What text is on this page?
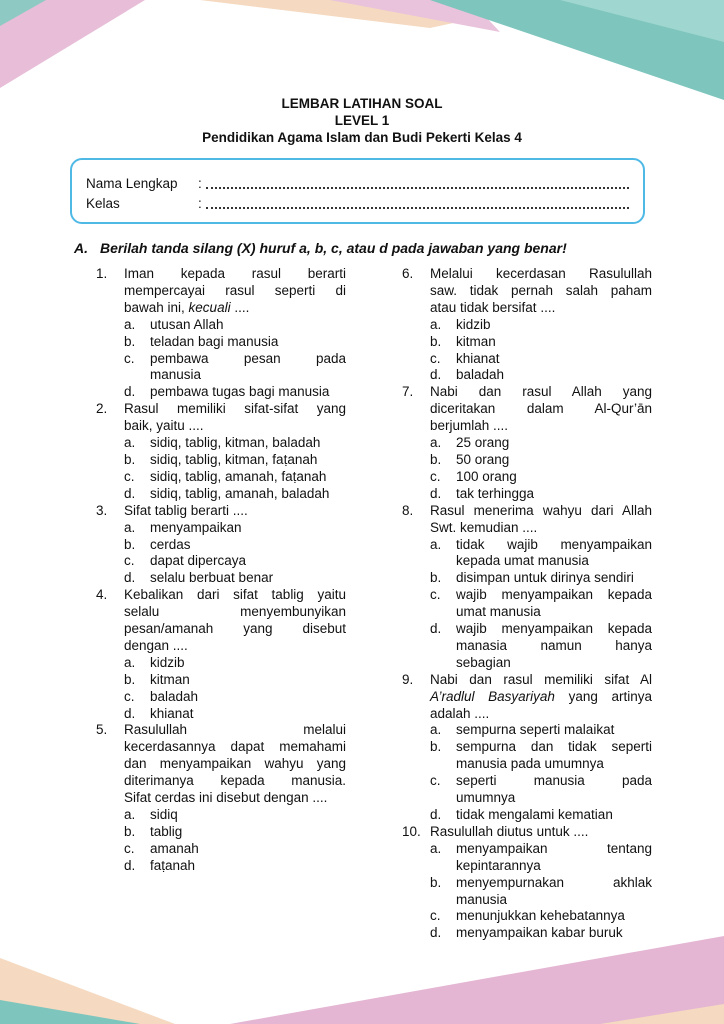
LEMBAR LATIHAN SOAL
LEVEL 1
Pendidikan Agama Islam dan Budi Pekerti Kelas 4
Nama Lengkap	:
Kelas	:
A. Berilah tanda silang (X) huruf a, b, c, atau d pada jawaban yang benar!
1.	Iman kepada rasul berarti
mempercayai rasul seperti di
bawah ini, kecuali ....
a.	utusan Allah
b.	teladan bagi manusia
c.	pembawa pesan pada
manusia
d.	pembawa tugas bagi manusia
2.	Rasul memiliki sifat-sifat yang
baik, yaitu ....
a.	sidiq, tablig, kitman, baladah
b.	sidiq, tablig, kitman, faṭanah
c.	sidiq, tablig, amanah, faṭanah
d.	sidiq, tablig, amanah, baladah
3.	Sifat tablig berarti ....
a.	menyampaikan
b.	cerdas
c.	dapat dipercaya
d.	selalu berbuat benar
4.	Kebalikan dari sifat tablig yaitu
selalu menyembunyikan
pesan/amanah yang disebut
dengan ....
a.	kidzib
b.	kitman
c.	baladah
d.	khianat
5.	Rasulullah melalui
kecerdasannya dapat memahami
dan menyampaikan wahyu yang
diterimanya kepada manusia.
Sifat cerdas ini disebut dengan ....
a.	sidiq
b.	tablig
c.	amanah
d.	faṭanah
6.	Melalui kecerdasan Rasulullah
saw. tidak pernah salah paham
atau tidak bersifat ....
a.	kidzib
b.	kitman
c.	khianat
d.	baladah
7.	Nabi dan rasul Allah yang
diceritakan dalam Al-Qur’ān
berjumlah ....
a.	25 orang
b.	50 orang
c.	100 orang
d.	tak terhingga
8.	Rasul menerima wahyu dari Allah
Swt. kemudian ....
a.	tidak wajib menyampaikan
kepada umat manusia
b.	disimpan untuk dirinya sendiri
c.	wajib menyampaikan kepada
umat manusia
d.	wajib menyampaikan kepada
manasia namun hanya
sebagian
9.	Nabi dan rasul memiliki sifat Al
A’radlul Basyariyah yang artinya
adalah ....
a.	sempurna seperti malaikat
b.	sempurna dan tidak seperti
manusia pada umumnya
c.	seperti manusia pada
umumnya
d.	tidak mengalami kematian
10. Rasulullah diutus untuk ....
a.	menyampaikan tentang
kepintarannya
b.	menyempurnakan akhlak
manusia
c.	menunjukkan kehebatannya
d.	menyampaikan kabar buruk
